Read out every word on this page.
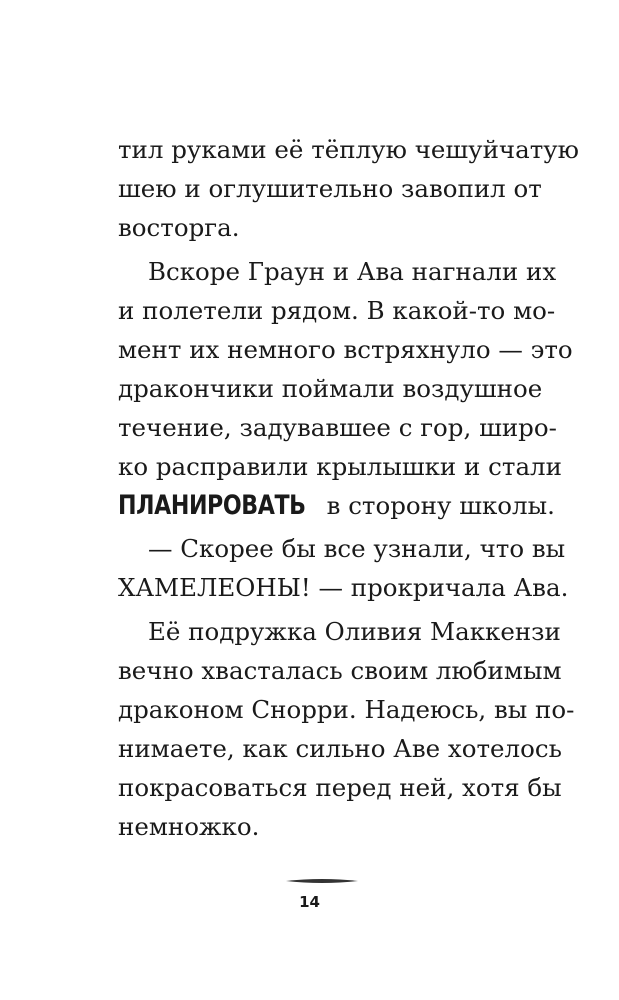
тил руками её тёплую чешуйчатую
шею и оглушительно завопил от
восторга.
Вскоре Граун и Ава нагнали их
и полетели рядом. В какой-то мо-
мент их немного встряхнуло — это
дракончики поймали воздушное
течение, задувавшее с гор, широ-
ко расправили крылышки и стали
ПЛАНИРОВАТЬ в сторону школы.
— Скорее бы все узнали, что вы
ХАМЕЛЕОНЫ! — прокричала Ава.
Её подружка Оливия Маккензи
вечно хвасталась своим любимым
драконом Снорри. Надеюсь, вы по-
нимаете, как сильно Аве хотелось
покрасоваться перед ней, хотя бы
немножко.
14
